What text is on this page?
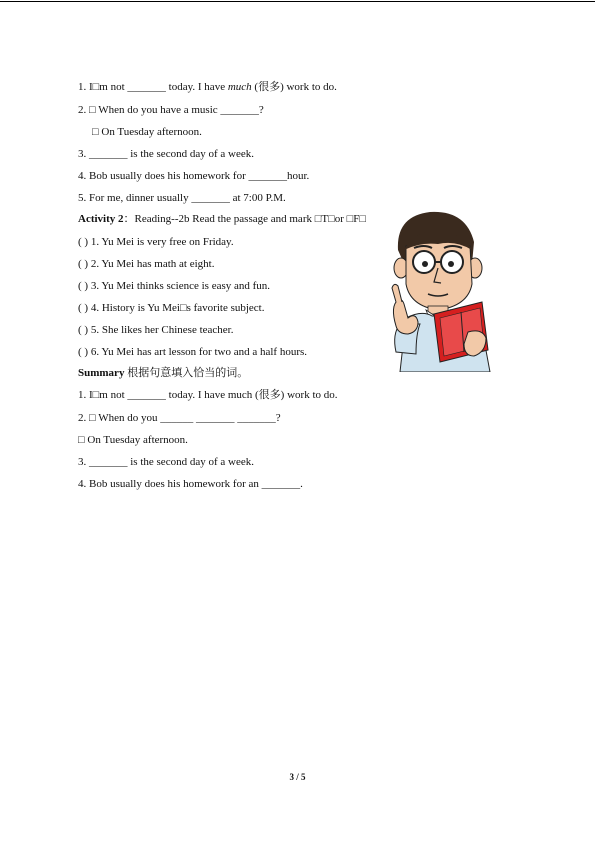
1. I□m not _______ today. I have much (很多) work to do.
2. □ When do you have a music _______?
□ On Tuesday afternoon.
3. _______ is the second day of a week.
4. Bob usually does his homework for _______hour.
5. For me, dinner usually _______ at 7:00 P.M.
Activity 2：Reading--2b Read the passage and mark □T□or □F□
( ) 1. Yu Mei is very free on Friday.
( ) 2. Yu Mei has math at eight.
( ) 3. Yu Mei thinks science is easy and fun.
( ) 4. History is Yu Mei□s favorite subject.
( ) 5. She likes her Chinese teacher.
( ) 6. Yu Mei has art lesson for two and a half hours.
Summary 根据句意填入恰当的词。
1. I□m not _______ today. I have much (很多) work to do.
2. □ When do you ______ _______ _______?
□ On Tuesday afternoon.
3. _______ is the second day of a week.
4. Bob usually does his homework for an _______.
3 / 5
